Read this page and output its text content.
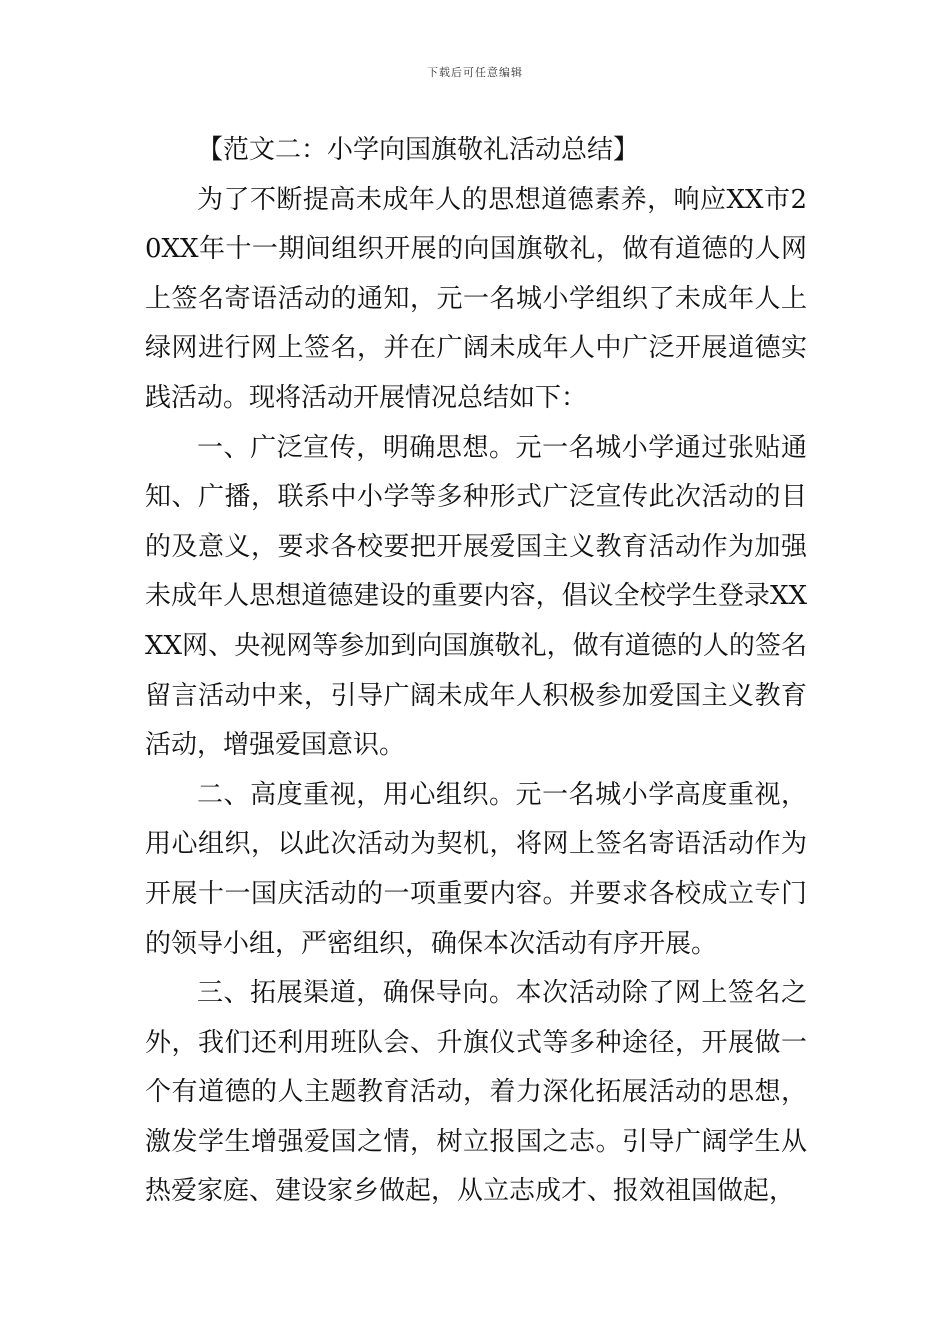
下载后可任意编辑
【范文二：小学向国旗敬礼活动总结】

为了不断提高未成年人的思想道德素养，响应XX市20XX年十一期间组织开展的向国旗敬礼，做有道德的人网上签名寄语活动的通知，元一名城小学组织了未成年人上绿网进行网上签名，并在广阔未成年人中广泛开展道德实践活动。现将活动开展情况总结如下：

一、广泛宣传，明确思想。元一名城小学通过张贴通知、广播，联系中小学等多种形式广泛宣传此次活动的目的及意义，要求各校要把开展爱国主义教育活动作为加强未成年人思想道德建设的重要内容，倡议全校学生登录XXXX网、央视网等参加到向国旗敬礼，做有道德的人的签名留言活动中来，引导广阔未成年人积极参加爱国主义教育活动，增强爱国意识。

二、高度重视，用心组织。元一名城小学高度重视，用心组织，以此次活动为契机，将网上签名寄语活动作为开展十一国庆活动的一项重要内容。并要求各校成立专门的领导小组，严密组织，确保本次活动有序开展。

三、拓展渠道，确保导向。本次活动除了网上签名之外，我们还利用班队会、升旗仪式等多种途径，开展做一个有道德的人主题教育活动，着力深化拓展活动的思想，激发学生增强爱国之情，树立报国之志。引导广阔学生从热爱家庭、建设家乡做起，从立志成才、报效祖国做起，
